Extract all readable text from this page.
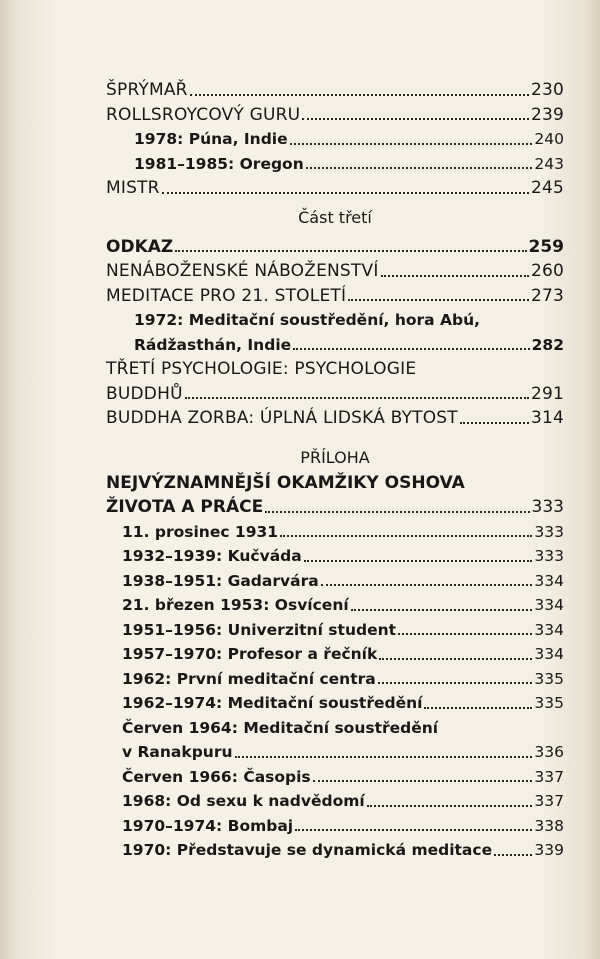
ŠPRÝMAŘ	230
ROLLSROYCOVÝ GURU	239
1978: Púna, Indie	240
1981–1985: Oregon	243
MISTR	245
Část třetí
ODKAZ	259
NENÁBOŽENSKÉ NÁBOŽENSTVÍ	260
MEDITACE PRO 21. STOLETÍ	273
1972: Meditační soustředění, hora Abú,
Rádžasthán, Indie	282
TŘETÍ PSYCHOLOGIE: PSYCHOLOGIE
BUDDHŮ	291
BUDDHA ZORBA: ÚPLNÁ LIDSKÁ BYTOST	314
PŘÍLOHA
NEJVÝZNAMNĚJŠÍ OKAMŽIKY OSHOVA
ŽIVOTA A PRÁCE	333
11. prosinec 1931	333
1932–1939: Kučváda	333
1938–1951: Gadarvára	334
21. březen 1953: Osvícení	334
1951–1956: Univerzitní student	334
1957–1970: Profesor a řečník	334
1962: První meditační centra	335
1962–1974: Meditační soustředění	335
Červen 1964: Meditační soustředění
v Ranakpuru	336
Červen 1966: Časopis	337
1968: Od sexu k nadvědomí	337
1970–1974: Bombaj	338
1970: Představuje se dynamická meditace	339
